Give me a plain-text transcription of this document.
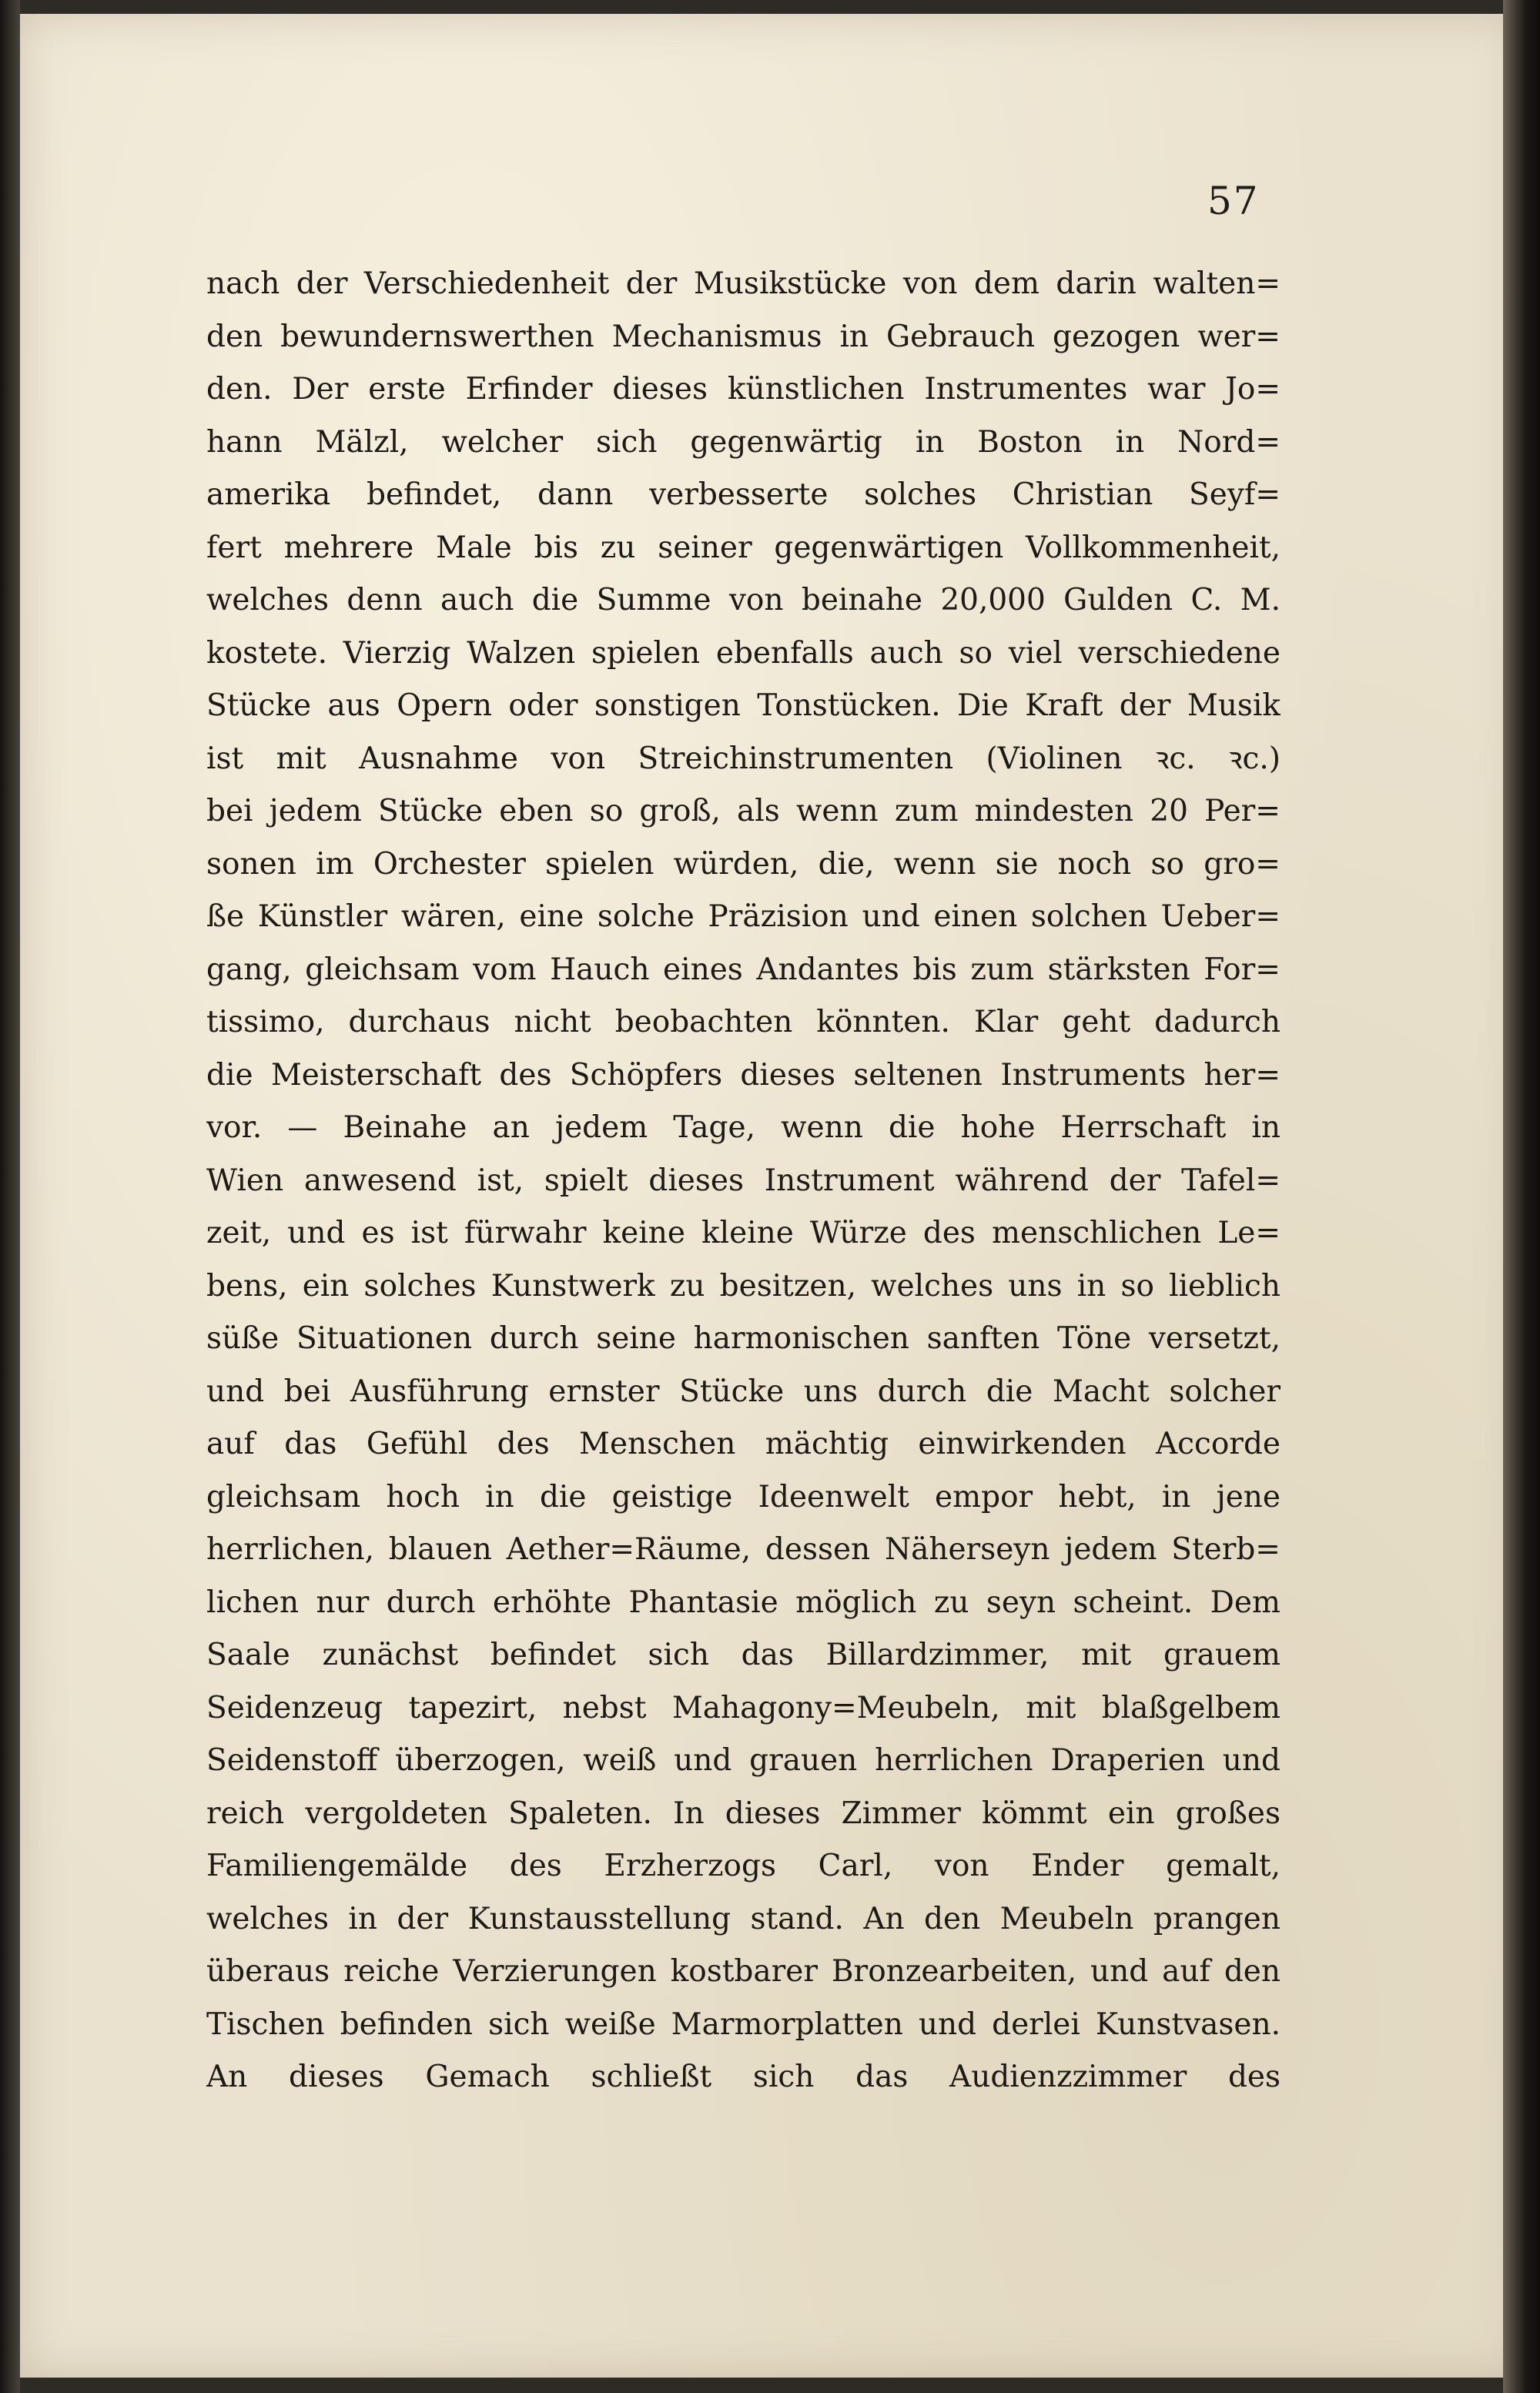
57
nach der Verschiedenheit der Musikstücke von dem darin walten=
den bewundernswerthen Mechanismus in Gebrauch gezogen wer=
den. Der erste Erfinder dieses künstlichen Instrumentes war Jo=
hann Mälzl, welcher sich gegenwärtig in Boston in Nord=
amerika befindet, dann verbesserte solches Christian Seyf=
fert mehrere Male bis zu seiner gegenwärtigen Vollkommenheit,
welches denn auch die Summe von beinahe 20,000 Gulden C. M.
kostete. Vierzig Walzen spielen ebenfalls auch so viel verschiedene
Stücke aus Opern oder sonstigen Tonstücken. Die Kraft der Musik
ist mit Ausnahme von Streichinstrumenten (Violinen ꝛc. ꝛc.)
bei jedem Stücke eben so groß, als wenn zum mindesten 20 Per=
sonen im Orchester spielen würden, die, wenn sie noch so gro=
ße Künstler wären, eine solche Präzision und einen solchen Ueber=
gang, gleichsam vom Hauch eines Andantes bis zum stärksten For=
tissimo, durchaus nicht beobachten könnten. Klar geht dadurch
die Meisterschaft des Schöpfers dieses seltenen Instruments her=
vor. — Beinahe an jedem Tage, wenn die hohe Herrschaft in
Wien anwesend ist, spielt dieses Instrument während der Tafel=
zeit, und es ist fürwahr keine kleine Würze des menschlichen Le=
bens, ein solches Kunstwerk zu besitzen, welches uns in so lieblich
süße Situationen durch seine harmonischen sanften Töne versetzt,
und bei Ausführung ernster Stücke uns durch die Macht solcher
auf das Gefühl des Menschen mächtig einwirkenden Accorde
gleichsam hoch in die geistige Ideenwelt empor hebt, in jene
herrlichen, blauen Aether=Räume, dessen Näherseyn jedem Sterb=
lichen nur durch erhöhte Phantasie möglich zu seyn scheint. Dem
Saale zunächst befindet sich das Billardzimmer, mit grauem
Seidenzeug tapezirt, nebst Mahagony=Meubeln, mit blaßgelbem
Seidenstoff überzogen, weiß und grauen herrlichen Draperien und
reich vergoldeten Spaleten. In dieses Zimmer kömmt ein großes
Familiengemälde des Erzherzogs Carl, von Ender gemalt,
welches in der Kunstausstellung stand. An den Meubeln prangen
überaus reiche Verzierungen kostbarer Bronzearbeiten, und auf den
Tischen befinden sich weiße Marmorplatten und derlei Kunstvasen.
An dieses Gemach schließt sich das Audienzzimmer des
